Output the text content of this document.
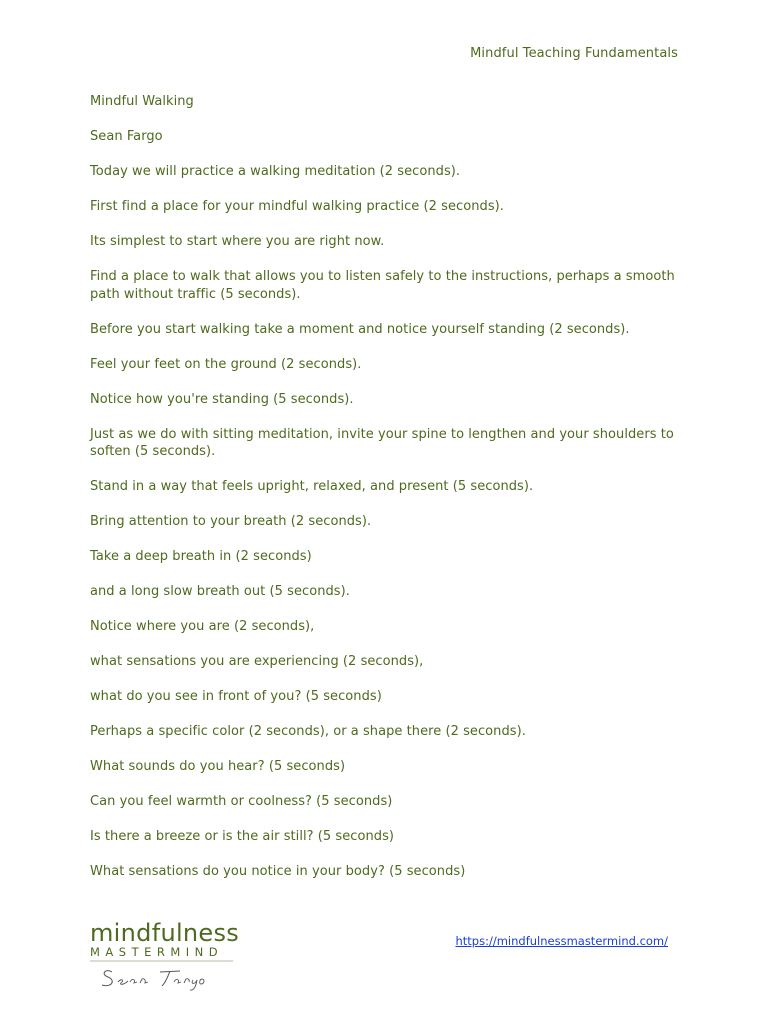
Mindful Teaching Fundamentals

Mindful Walking

Sean Fargo

Today we will practice a walking meditation (2 seconds).

First find a place for your mindful walking practice (2 seconds).

Its simplest to start where you are right now.

Find a place to walk that allows you to listen safely to the instructions, perhaps a smooth path without traffic (5 seconds).

Before you start walking take a moment and notice yourself standing (2 seconds).

Feel your feet on the ground (2 seconds).

Notice how you're standing (5 seconds).

Just as we do with sitting meditation, invite your spine to lengthen and your shoulders to soften (5 seconds).

Stand in a way that feels upright, relaxed, and present (5 seconds).

Bring attention to your breath (2 seconds).

Take a deep breath in (2 seconds)

and a long slow breath out (5 seconds).

Notice where you are (2 seconds),

what sensations you are experiencing (2 seconds),

what do you see in front of you? (5 seconds)

Perhaps a specific color (2 seconds), or a shape there (2 seconds).

What sounds do you hear? (5 seconds)

Can you feel warmth or coolness? (5 seconds)

Is there a breeze or is the air still? (5 seconds)

What sensations do you notice in your body? (5 seconds)

mindfulness
MASTERMIND
https://mindfulnessmastermind.com/
